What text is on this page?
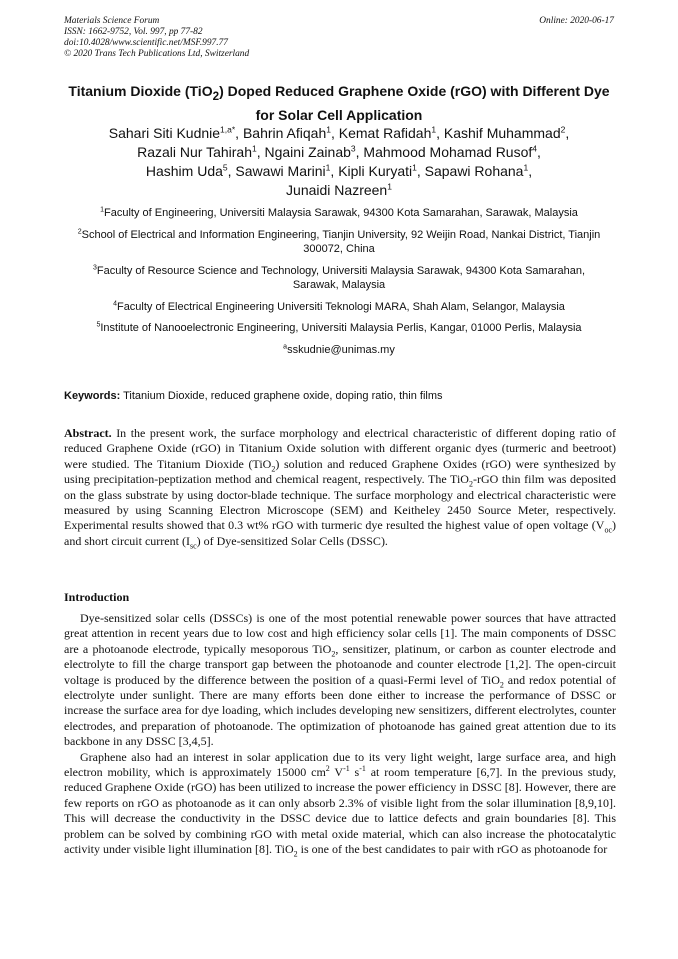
Materials Science Forum
ISSN: 1662-9752, Vol. 997, pp 77-82
doi:10.4028/www.scientific.net/MSF.997.77
© 2020 Trans Tech Publications Ltd, Switzerland
Online: 2020-06-17
Titanium Dioxide (TiO$_2$) Doped Reduced Graphene Oxide (rGO) with Different Dye for Solar Cell Application
Sahari Siti Kudnie$^{1,a*}$, Bahrin Afiqah$^1$, Kemat Rafidah$^1$, Kashif Muhammad$^2$,
Razali Nur Tahirah$^1$, Ngaini Zainab$^3$, Mahmood Mohamad Rusof$^4$,
Hashim Uda$^5$, Sawawi Marini$^1$, Kipli Kuryati$^1$, Sapawi Rohana$^1$,
Junaidi Nazreen$^1$
$^1$Faculty of Engineering, Universiti Malaysia Sarawak, 94300 Kota Samarahan, Sarawak, Malaysia
$^2$School of Electrical and Information Engineering, Tianjin University, 92 Weijin Road, Nankai District, Tianjin 300072, China
$^3$Faculty of Resource Science and Technology, Universiti Malaysia Sarawak, 94300 Kota Samarahan, Sarawak, Malaysia
$^4$Faculty of Electrical Engineering Universiti Teknologi MARA, Shah Alam, Selangor, Malaysia
$^5$Institute of Nanooelectronic Engineering, Universiti Malaysia Perlis, Kangar, 01000 Perlis, Malaysia
$^a$sskudnie@unimas.my
Keywords: Titanium Dioxide, reduced graphene oxide, doping ratio, thin films
Abstract. In the present work, the surface morphology and electrical characteristic of different doping ratio of reduced Graphene Oxide (rGO) in Titanium Oxide solution with different organic dyes (turmeric and beetroot) were studied. The Titanium Dioxide (TiO$_2$) solution and reduced Graphene Oxides (rGO) were synthesized by using precipitation-peptization method and chemical reagent, respectively. The TiO$_2$-rGO thin film was deposited on the glass substrate by using doctor-blade technique. The surface morphology and electrical characteristic were measured by using Scanning Electron Microscope (SEM) and Keitheley 2450 Source Meter, respectively. Experimental results showed that 0.3 wt% rGO with turmeric dye resulted the highest value of open voltage $(V_{oc})$ and short circuit current $(I_{sc})$ of Dye-sensitized Solar Cells (DSSC).
Introduction

Dye-sensitized solar cells (DSSCs) is one of the most potential renewable power sources that have attracted great attention in recent years due to low cost and high efficiency solar cells [1]. The main components of DSSC are a photoanode electrode, typically mesoporous TiO$_2$, sensitizer, platinum, or carbon as counter electrode and electrolyte to fill the charge transport gap between the photoanode and counter electrode [1,2]. The open-circuit voltage is produced by the difference between the position of a quasi-Fermi level of TiO$_2$ and redox potential of electrolyte under sunlight. There are many efforts been done either to increase the performance of DSSC or increase the surface area for dye loading, which includes developing new sensitizers, different electrolytes, counter electrodes, and preparation of photoanode. The optimization of photoanode has gained great attention due to its backbone in any DSSC [3,4,5].

Graphene also had an interest in solar application due to its very light weight, large surface area, and high electron mobility, which is approximately 15000 $cm^2$ $V^{-1}$ $s^{-1}$ at room temperature [6,7]. In the previous study, reduced Graphene Oxide (rGO) has been utilized to increase the power efficiency in DSSC [8]. However, there are few reports on rGO as photoanode as it can only absorb 2.3% of visible light from the solar illumination [8,9,10]. This will decrease the conductivity in the DSSC device due to lattice defects and grain boundaries [8]. This problem can be solved by combining rGO with metal oxide material, which can also increase the photocatalytic activity under visible light illumination [8]. TiO$_2$ is one of the best candidates to pair with rGO as photoanode for
